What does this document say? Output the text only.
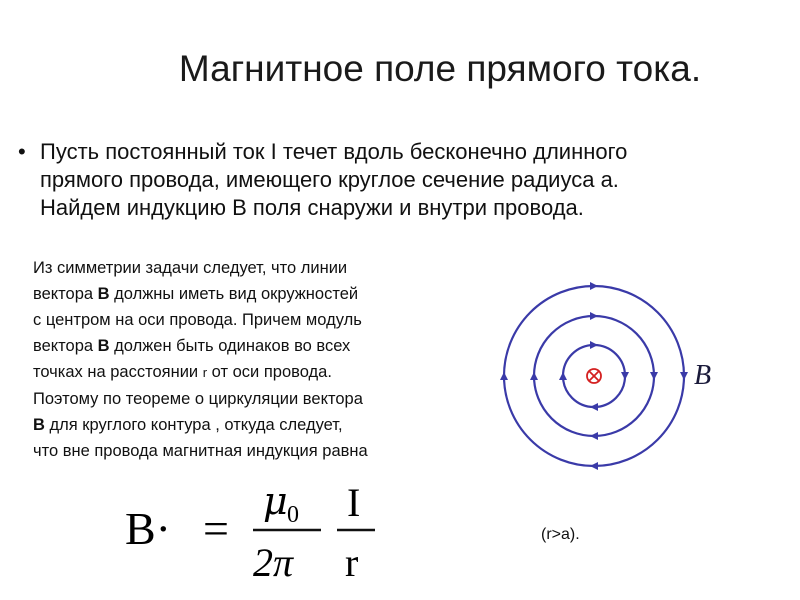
Магнитное поле прямого тока.
• Пусть постоянный ток I течет вдоль бесконечно длинного
прямого провода, имеющего круглое сечение радиуса a.
Найдем индукцию B поля снаружи и внутри провода.
Из симметрии задачи следует, что линии
вектора B должны иметь вид окружностей
с центром на оси провода. Причем модуль
вектора B должен быть одинаков во всех
точках на расстоянии r от оси провода.
Поэтому по теореме о циркуляции вектора
B для круглого контура , откуда следует,
что вне провода магнитная индукция равна
B· =
μ 0
2π
I
r
(r>a).
B
